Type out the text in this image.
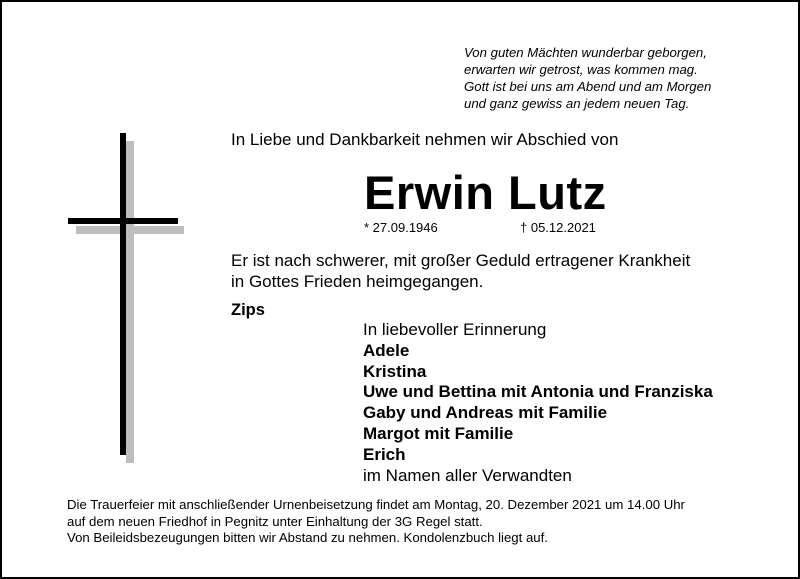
Von guten Mächten wunderbar geborgen,
erwarten wir getrost, was kommen mag.
Gott ist bei uns am Abend und am Morgen
und ganz gewiss an jedem neuen Tag.
In Liebe und Dankbarkeit nehmen wir Abschied von
Erwin Lutz
* 27.09.1946	† 05.12.2021
Er ist nach schwerer, mit großer Geduld ertragener Krankheit
in Gottes Frieden heimgegangen.
Zips
In liebevoller Erinnerung
Adele
Kristina
Uwe und Bettina mit Antonia und Franziska
Gaby und Andreas mit Familie
Margot mit Familie
Erich
im Namen aller Verwandten
Die Trauerfeier mit anschließender Urnenbeisetzung findet am Montag, 20. Dezember 2021 um 14.00 Uhr
auf dem neuen Friedhof in Pegnitz unter Einhaltung der 3G Regel statt.
Von Beileidsbezeugungen bitten wir Abstand zu nehmen. Kondolenzbuch liegt auf.
